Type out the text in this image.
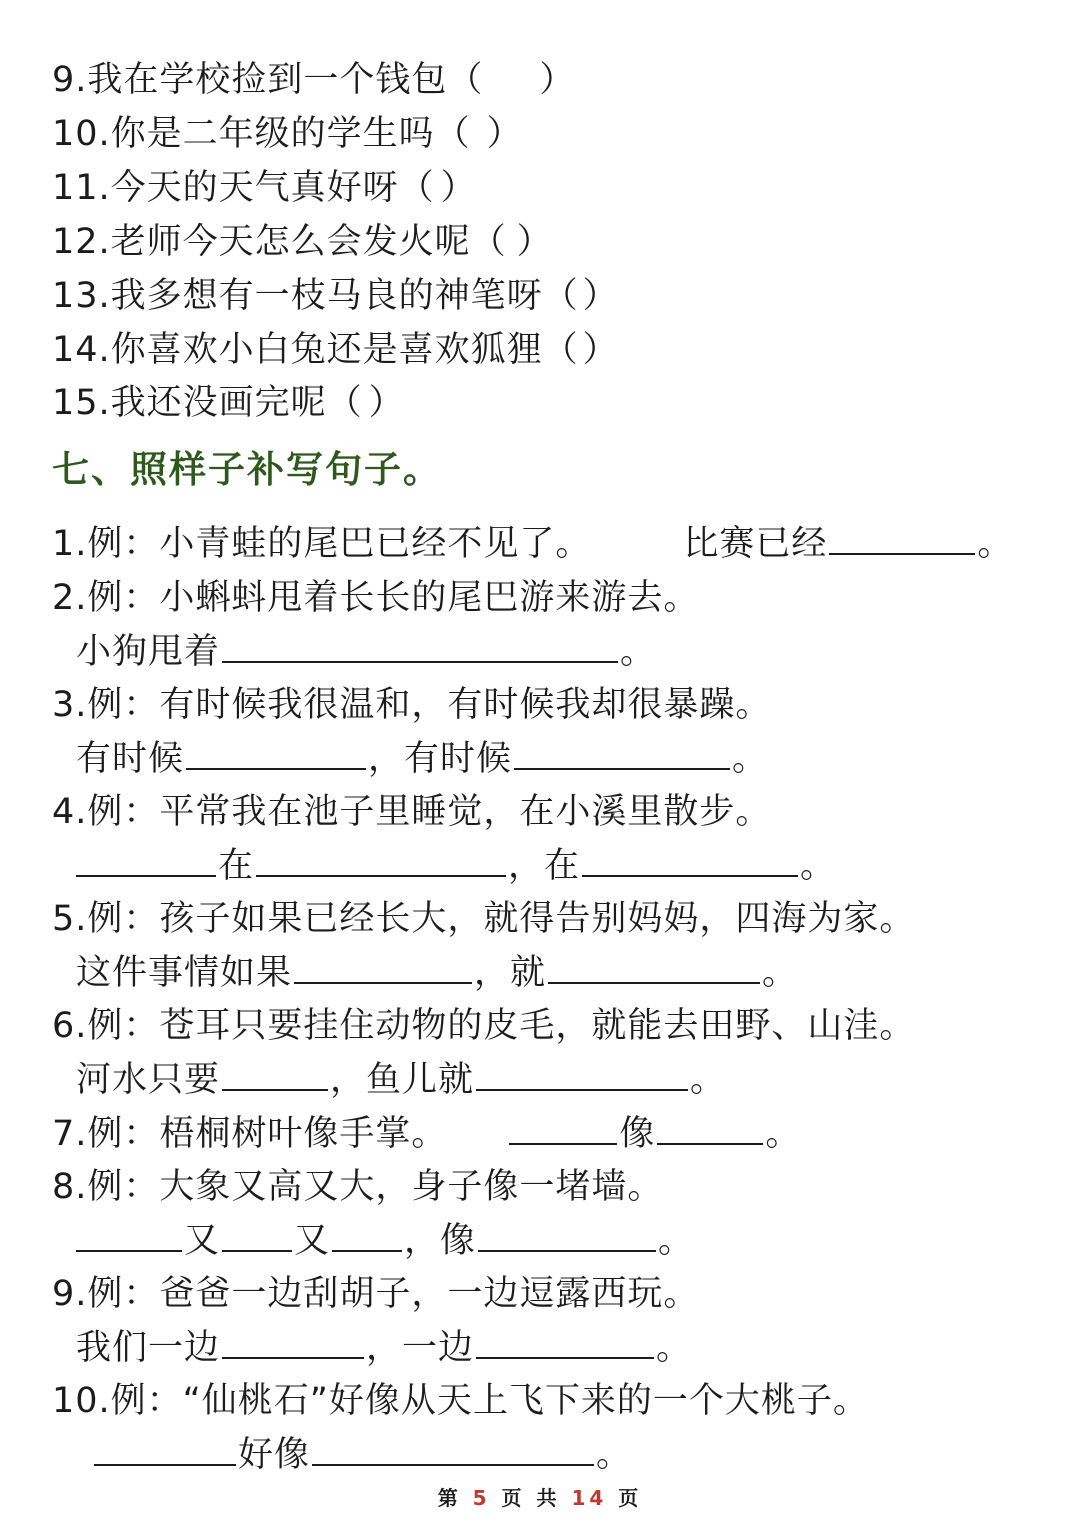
9.我在学校捡到一个钱包（ ）
10.你是二年级的学生吗（ ）
11.今天的天气真好呀（ ）
12.老师今天怎么会发火呢（ ）
13.我多想有一枝马良的神笔呀（ ）
14.你喜欢小白兔还是喜欢狐狸（ ）
15.我还没画完呢（ ）
七、照样子补写句子。
1.例：小青蛙的尾巴已经不见了。	比赛已经	。
2.例：小蝌蚪甩着长长的尾巴游来游去。
小狗甩着	。
3.例：有时候我很温和，有时候我却很暴躁。
有时候	，有时候	。
4.例：平常我在池子里睡觉，在小溪里散步。
在	，在	。
5.例：孩子如果已经长大，就得告别妈妈，四海为家。
这件事情如果	，就	。
6.例：苍耳只要挂住动物的皮毛，就能去田野、山洼。
河水只要	，鱼儿就	。
7.例：梧桐树叶像手掌。	像	。
8.例：大象又高又大，身子像一堵墙。
又 又 ，像	。
9.例：爸爸一边刮胡子，一边逗露西玩。
我们一边	，一边	。
10.例：“仙桃石”好像从天上飞下来的一个大桃子。
好像	。
第 5 页 共 14 页
